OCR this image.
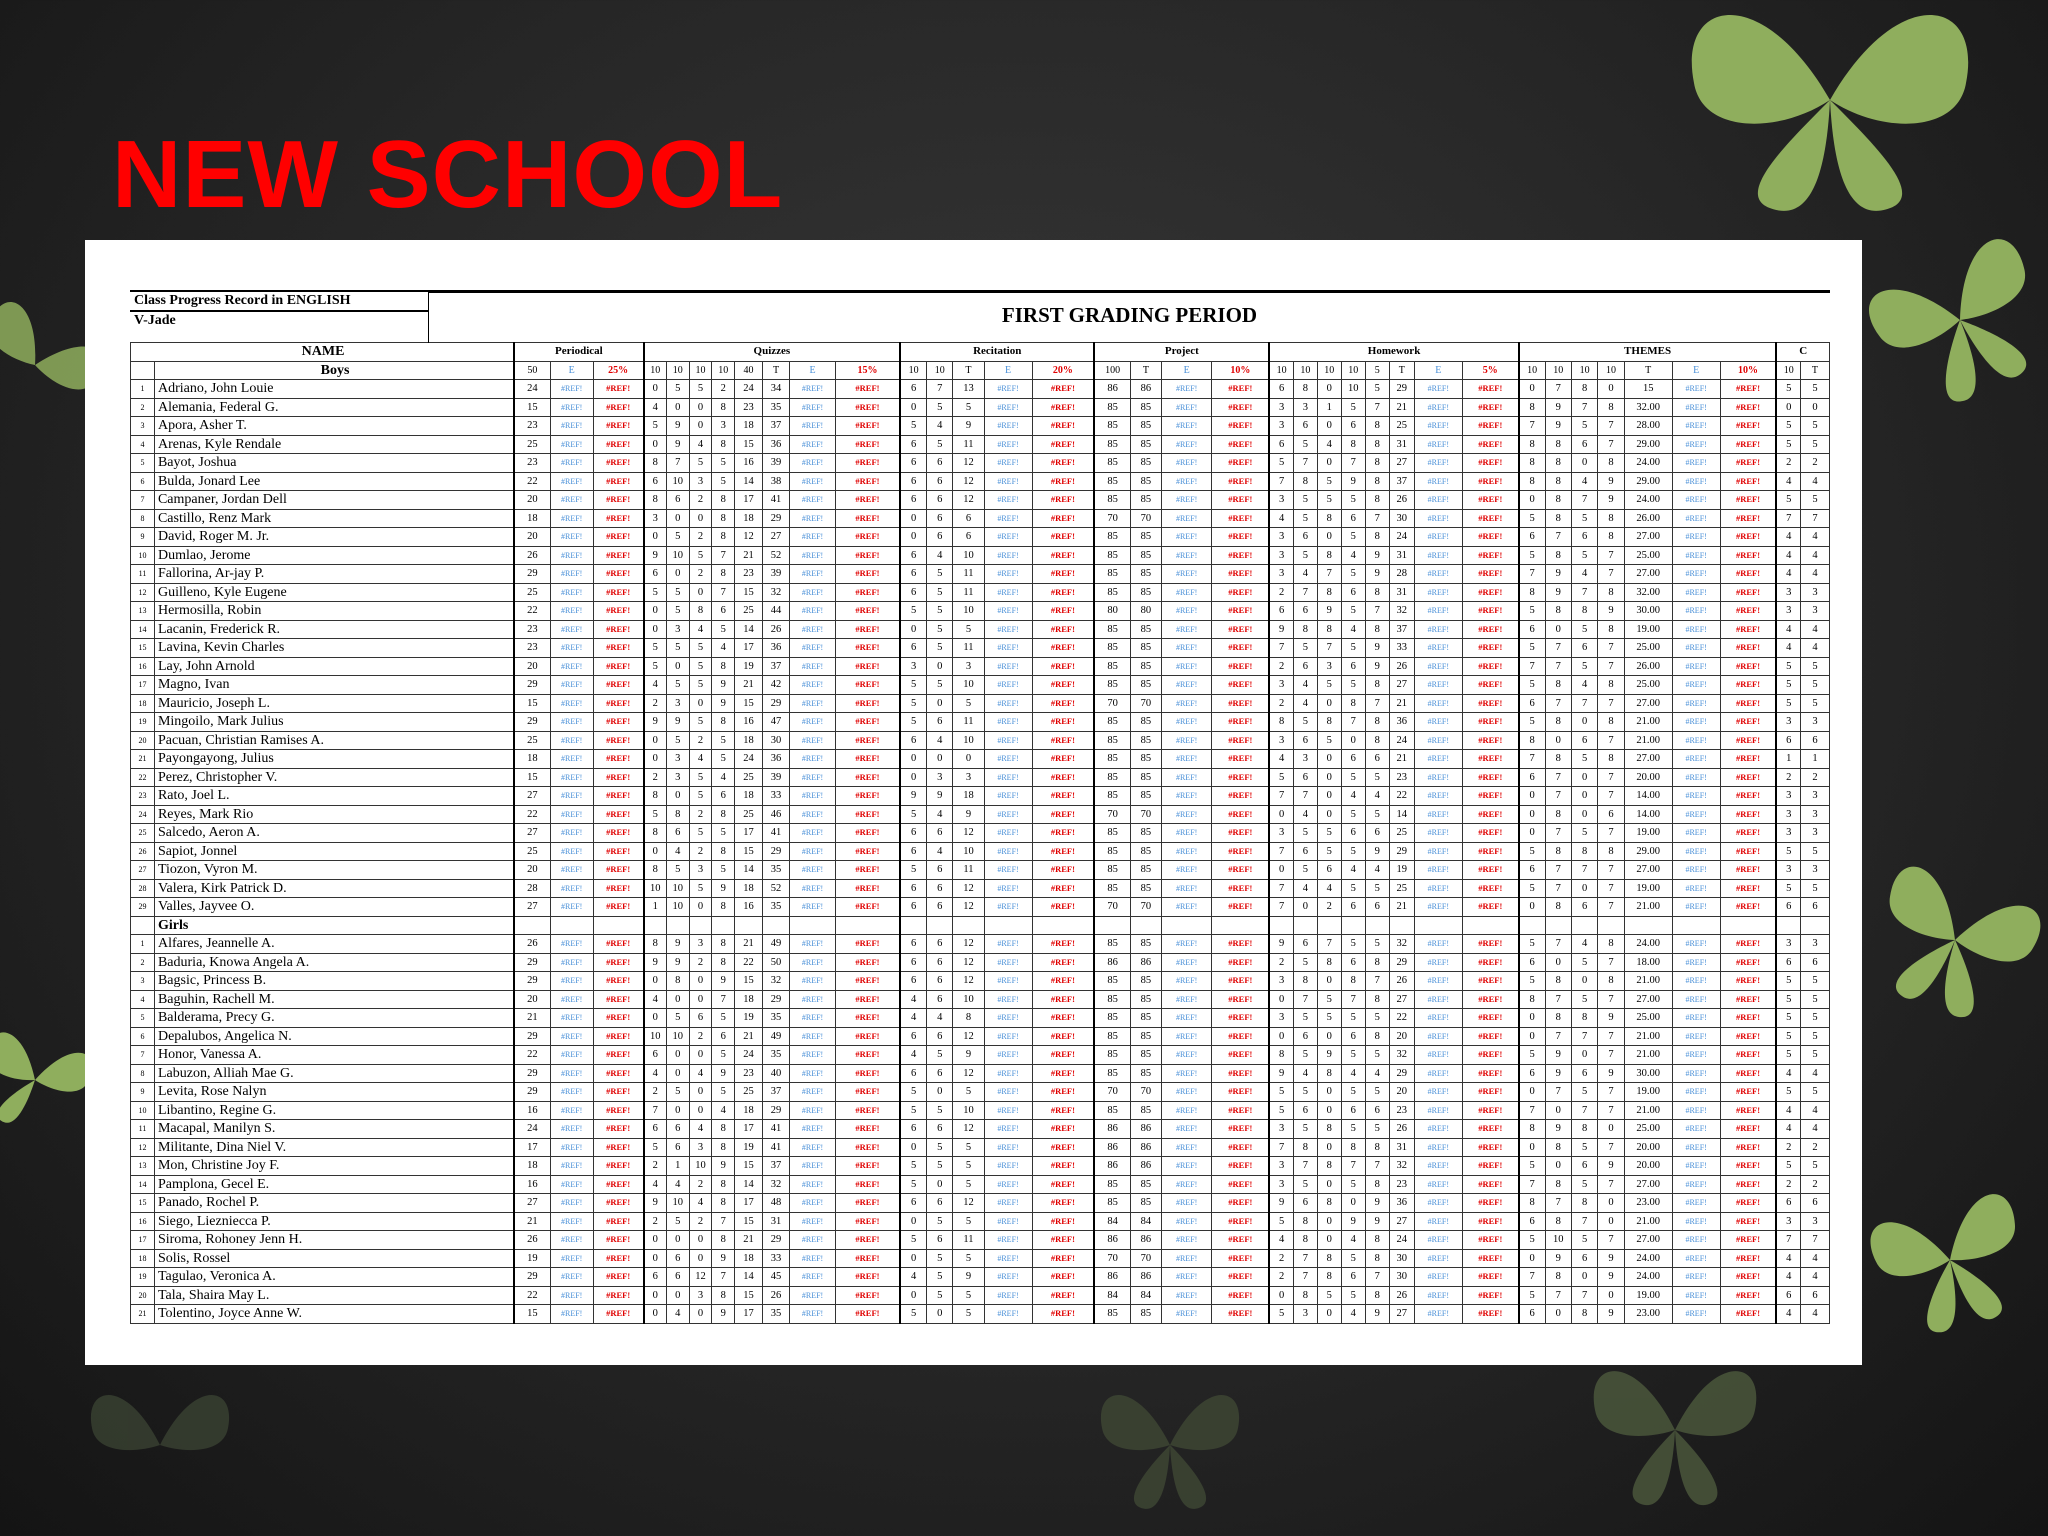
NEW SCHOOL
Class Progress Record in ENGLISH
V-Jade	FIRST GRADING PERIOD
NAME		Periodical			Quizzes								Recitation					Project				Homework								THEMES							C	
	Boys	50	E	25%	10	10	10	10	40	T	E	15%	10	10	T	E	20%	100	T	E	10%	10	10	10	10	5	T	E	5%	10	10	10	10	T	E	10%	10	T
1	Adriano, John Louie	24	#REF!	#REF!	0	5	5	2	24	34	#REF!	#REF!	6	7	13	#REF!	#REF!	86	86	#REF!	#REF!	6	8	0	10	5	29	#REF!	#REF!	0	7	8	0	15	#REF!	#REF!	5	5
2	Alemania, Federal G.	15	#REF!	#REF!	4	0	0	8	23	35	#REF!	#REF!	0	5	5	#REF!	#REF!	85	85	#REF!	#REF!	3	3	1	5	7	21	#REF!	#REF!	8	9	7	8	32.00	#REF!	#REF!	0	0
3	Apora, Asher T.	23	#REF!	#REF!	5	9	0	3	18	37	#REF!	#REF!	5	4	9	#REF!	#REF!	85	85	#REF!	#REF!	3	6	0	6	8	25	#REF!	#REF!	7	9	5	7	28.00	#REF!	#REF!	5	5
4	Arenas, Kyle Rendale	25	#REF!	#REF!	0	9	4	8	15	36	#REF!	#REF!	6	5	11	#REF!	#REF!	85	85	#REF!	#REF!	6	5	4	8	8	31	#REF!	#REF!	8	8	6	7	29.00	#REF!	#REF!	5	5
5	Bayot, Joshua	23	#REF!	#REF!	8	7	5	5	16	39	#REF!	#REF!	6	6	12	#REF!	#REF!	85	85	#REF!	#REF!	5	7	0	7	8	27	#REF!	#REF!	8	8	0	8	24.00	#REF!	#REF!	2	2
6	Bulda, Jonard Lee	22	#REF!	#REF!	6	10	3	5	14	38	#REF!	#REF!	6	6	12	#REF!	#REF!	85	85	#REF!	#REF!	7	8	5	9	8	37	#REF!	#REF!	8	8	4	9	29.00	#REF!	#REF!	4	4
7	Campaner, Jordan Dell	20	#REF!	#REF!	8	6	2	8	17	41	#REF!	#REF!	6	6	12	#REF!	#REF!	85	85	#REF!	#REF!	3	5	5	5	8	26	#REF!	#REF!	0	8	7	9	24.00	#REF!	#REF!	5	5
8	Castillo, Renz Mark	18	#REF!	#REF!	3	0	0	8	18	29	#REF!	#REF!	0	6	6	#REF!	#REF!	70	70	#REF!	#REF!	4	5	8	6	7	30	#REF!	#REF!	5	8	5	8	26.00	#REF!	#REF!	7	7
9	David, Roger M. Jr.	20	#REF!	#REF!	0	5	2	8	12	27	#REF!	#REF!	0	6	6	#REF!	#REF!	85	85	#REF!	#REF!	3	6	0	5	8	24	#REF!	#REF!	6	7	6	8	27.00	#REF!	#REF!	4	4
10	Dumlao, Jerome	26	#REF!	#REF!	9	10	5	7	21	52	#REF!	#REF!	6	4	10	#REF!	#REF!	85	85	#REF!	#REF!	3	5	8	4	9	31	#REF!	#REF!	5	8	5	7	25.00	#REF!	#REF!	4	4
11	Fallorina, Ar-jay P.	29	#REF!	#REF!	6	0	2	8	23	39	#REF!	#REF!	6	5	11	#REF!	#REF!	85	85	#REF!	#REF!	3	4	7	5	9	28	#REF!	#REF!	7	9	4	7	27.00	#REF!	#REF!	4	4
12	Guilleno, Kyle Eugene	25	#REF!	#REF!	5	5	0	7	15	32	#REF!	#REF!	6	5	11	#REF!	#REF!	85	85	#REF!	#REF!	2	7	8	6	8	31	#REF!	#REF!	8	9	7	8	32.00	#REF!	#REF!	3	3
13	Hermosilla, Robin	22	#REF!	#REF!	0	5	8	6	25	44	#REF!	#REF!	5	5	10	#REF!	#REF!	80	80	#REF!	#REF!	6	6	9	5	7	32	#REF!	#REF!	5	8	8	9	30.00	#REF!	#REF!	3	3
14	Lacanin, Frederick R.	23	#REF!	#REF!	0	3	4	5	14	26	#REF!	#REF!	0	5	5	#REF!	#REF!	85	85	#REF!	#REF!	9	8	8	4	8	37	#REF!	#REF!	6	0	5	8	19.00	#REF!	#REF!	4	4
15	Lavina, Kevin Charles	23	#REF!	#REF!	5	5	5	4	17	36	#REF!	#REF!	6	5	11	#REF!	#REF!	85	85	#REF!	#REF!	7	5	7	5	9	33	#REF!	#REF!	5	7	6	7	25.00	#REF!	#REF!	4	4
16	Lay, John Arnold	20	#REF!	#REF!	5	0	5	8	19	37	#REF!	#REF!	3	0	3	#REF!	#REF!	85	85	#REF!	#REF!	2	6	3	6	9	26	#REF!	#REF!	7	7	5	7	26.00	#REF!	#REF!	5	5
17	Magno, Ivan	29	#REF!	#REF!	4	5	5	9	21	42	#REF!	#REF!	5	5	10	#REF!	#REF!	85	85	#REF!	#REF!	3	4	5	5	8	27	#REF!	#REF!	5	8	4	8	25.00	#REF!	#REF!	5	5
18	Mauricio, Joseph L.	15	#REF!	#REF!	2	3	0	9	15	29	#REF!	#REF!	5	0	5	#REF!	#REF!	70	70	#REF!	#REF!	2	4	0	8	7	21	#REF!	#REF!	6	7	7	7	27.00	#REF!	#REF!	5	5
19	Mingoilo, Mark Julius	29	#REF!	#REF!	9	9	5	8	16	47	#REF!	#REF!	5	6	11	#REF!	#REF!	85	85	#REF!	#REF!	8	5	8	7	8	36	#REF!	#REF!	5	8	0	8	21.00	#REF!	#REF!	3	3
20	Pacuan, Christian Ramises A.	25	#REF!	#REF!	0	5	2	5	18	30	#REF!	#REF!	6	4	10	#REF!	#REF!	85	85	#REF!	#REF!	3	6	5	0	8	24	#REF!	#REF!	8	0	6	7	21.00	#REF!	#REF!	6	6
21	Payongayong, Julius	18	#REF!	#REF!	0	3	4	5	24	36	#REF!	#REF!	0	0	0	#REF!	#REF!	85	85	#REF!	#REF!	4	3	0	6	6	21	#REF!	#REF!	7	8	5	8	27.00	#REF!	#REF!	1	1
22	Perez, Christopher V.	15	#REF!	#REF!	2	3	5	4	25	39	#REF!	#REF!	0	3	3	#REF!	#REF!	85	85	#REF!	#REF!	5	6	0	5	5	23	#REF!	#REF!	6	7	0	7	20.00	#REF!	#REF!	2	2
23	Rato, Joel L.	27	#REF!	#REF!	8	0	5	6	18	33	#REF!	#REF!	9	9	18	#REF!	#REF!	85	85	#REF!	#REF!	7	7	0	4	4	22	#REF!	#REF!	0	7	0	7	14.00	#REF!	#REF!	3	3
24	Reyes, Mark Rio	22	#REF!	#REF!	5	8	2	8	25	46	#REF!	#REF!	5	4	9	#REF!	#REF!	70	70	#REF!	#REF!	0	4	0	5	5	14	#REF!	#REF!	0	8	0	6	14.00	#REF!	#REF!	3	3
25	Salcedo, Aeron A.	27	#REF!	#REF!	8	6	5	5	17	41	#REF!	#REF!	6	6	12	#REF!	#REF!	85	85	#REF!	#REF!	3	5	5	6	6	25	#REF!	#REF!	0	7	5	7	19.00	#REF!	#REF!	3	3
26	Sapiot, Jonnel	25	#REF!	#REF!	0	4	2	8	15	29	#REF!	#REF!	6	4	10	#REF!	#REF!	85	85	#REF!	#REF!	7	6	5	5	9	29	#REF!	#REF!	5	8	8	8	29.00	#REF!	#REF!	5	5
27	Tiozon, Vyron M.	20	#REF!	#REF!	8	5	3	5	14	35	#REF!	#REF!	5	6	11	#REF!	#REF!	85	85	#REF!	#REF!	0	5	6	4	4	19	#REF!	#REF!	6	7	7	7	27.00	#REF!	#REF!	3	3
28	Valera, Kirk Patrick D.	28	#REF!	#REF!	10	10	5	9	18	52	#REF!	#REF!	6	6	12	#REF!	#REF!	85	85	#REF!	#REF!	7	4	4	5	5	25	#REF!	#REF!	5	7	0	7	19.00	#REF!	#REF!	5	5
29	Valles, Jayvee O.	27	#REF!	#REF!	1	10	0	8	16	35	#REF!	#REF!	6	6	12	#REF!	#REF!	70	70	#REF!	#REF!	7	0	2	6	6	21	#REF!	#REF!	0	8	6	7	21.00	#REF!	#REF!	6	6
	Girls																																					
1	Alfares, Jeannelle A.	26	#REF!	#REF!	8	9	3	8	21	49	#REF!	#REF!	6	6	12	#REF!	#REF!	85	85	#REF!	#REF!	9	6	7	5	5	32	#REF!	#REF!	5	7	4	8	24.00	#REF!	#REF!	3	3
2	Baduria, Knowa Angela A.	29	#REF!	#REF!	9	9	2	8	22	50	#REF!	#REF!	6	6	12	#REF!	#REF!	86	86	#REF!	#REF!	2	5	8	6	8	29	#REF!	#REF!	6	0	5	7	18.00	#REF!	#REF!	6	6
3	Bagsic, Princess B.	29	#REF!	#REF!	0	8	0	9	15	32	#REF!	#REF!	6	6	12	#REF!	#REF!	85	85	#REF!	#REF!	3	8	0	8	7	26	#REF!	#REF!	5	8	0	8	21.00	#REF!	#REF!	5	5
4	Baguhin, Rachell M.	20	#REF!	#REF!	4	0	0	7	18	29	#REF!	#REF!	4	6	10	#REF!	#REF!	85	85	#REF!	#REF!	0	7	5	7	8	27	#REF!	#REF!	8	7	5	7	27.00	#REF!	#REF!	5	5
5	Balderama, Precy G.	21	#REF!	#REF!	0	5	6	5	19	35	#REF!	#REF!	4	4	8	#REF!	#REF!	85	85	#REF!	#REF!	3	5	5	5	5	22	#REF!	#REF!	0	8	8	9	25.00	#REF!	#REF!	5	5
6	Depalubos, Angelica N.	29	#REF!	#REF!	10	10	2	6	21	49	#REF!	#REF!	6	6	12	#REF!	#REF!	85	85	#REF!	#REF!	0	6	0	6	8	20	#REF!	#REF!	0	7	7	7	21.00	#REF!	#REF!	5	5
7	Honor, Vanessa A.	22	#REF!	#REF!	6	0	0	5	24	35	#REF!	#REF!	4	5	9	#REF!	#REF!	85	85	#REF!	#REF!	8	5	9	5	5	32	#REF!	#REF!	5	9	0	7	21.00	#REF!	#REF!	5	5
8	Labuzon, Alliah Mae G.	29	#REF!	#REF!	4	0	4	9	23	40	#REF!	#REF!	6	6	12	#REF!	#REF!	85	85	#REF!	#REF!	9	4	8	4	4	29	#REF!	#REF!	6	9	6	9	30.00	#REF!	#REF!	4	4
9	Levita, Rose Nalyn	29	#REF!	#REF!	2	5	0	5	25	37	#REF!	#REF!	5	0	5	#REF!	#REF!	70	70	#REF!	#REF!	5	5	0	5	5	20	#REF!	#REF!	0	7	5	7	19.00	#REF!	#REF!	5	5
10	Libantino, Regine G.	16	#REF!	#REF!	7	0	0	4	18	29	#REF!	#REF!	5	5	10	#REF!	#REF!	85	85	#REF!	#REF!	5	6	0	6	6	23	#REF!	#REF!	7	0	7	7	21.00	#REF!	#REF!	4	4
11	Macapal, Manilyn S.	24	#REF!	#REF!	6	6	4	8	17	41	#REF!	#REF!	6	6	12	#REF!	#REF!	86	86	#REF!	#REF!	3	5	8	5	5	26	#REF!	#REF!	8	9	8	0	25.00	#REF!	#REF!	4	4
12	Militante, Dina Niel V.	17	#REF!	#REF!	5	6	3	8	19	41	#REF!	#REF!	0	5	5	#REF!	#REF!	86	86	#REF!	#REF!	7	8	0	8	8	31	#REF!	#REF!	0	8	5	7	20.00	#REF!	#REF!	2	2
13	Mon, Christine Joy F.	18	#REF!	#REF!	2	1	10	9	15	37	#REF!	#REF!	5	5	5	#REF!	#REF!	86	86	#REF!	#REF!	3	7	8	7	7	32	#REF!	#REF!	5	0	6	9	20.00	#REF!	#REF!	5	5
14	Pamplona, Gecel E.	16	#REF!	#REF!	4	4	2	8	14	32	#REF!	#REF!	5	0	5	#REF!	#REF!	85	85	#REF!	#REF!	3	5	0	5	8	23	#REF!	#REF!	7	8	5	7	27.00	#REF!	#REF!	2	2
15	Panado, Rochel P.	27	#REF!	#REF!	9	10	4	8	17	48	#REF!	#REF!	6	6	12	#REF!	#REF!	85	85	#REF!	#REF!	9	6	8	0	9	36	#REF!	#REF!	8	7	8	0	23.00	#REF!	#REF!	6	6
16	Siego, Liezniecca P.	21	#REF!	#REF!	2	5	2	7	15	31	#REF!	#REF!	0	5	5	#REF!	#REF!	84	84	#REF!	#REF!	5	8	0	9	9	27	#REF!	#REF!	6	8	7	0	21.00	#REF!	#REF!	3	3
17	Siroma, Rohoney Jenn H.	26	#REF!	#REF!	0	0	0	8	21	29	#REF!	#REF!	5	6	11	#REF!	#REF!	86	86	#REF!	#REF!	4	8	0	4	8	24	#REF!	#REF!	5	10	5	7	27.00	#REF!	#REF!	7	7
18	Solis, Rossel	19	#REF!	#REF!	0	6	0	9	18	33	#REF!	#REF!	0	5	5	#REF!	#REF!	70	70	#REF!	#REF!	2	7	8	5	8	30	#REF!	#REF!	0	9	6	9	24.00	#REF!	#REF!	4	4
19	Tagulao, Veronica A.	29	#REF!	#REF!	6	6	12	7	14	45	#REF!	#REF!	4	5	9	#REF!	#REF!	86	86	#REF!	#REF!	2	7	8	6	7	30	#REF!	#REF!	7	8	0	9	24.00	#REF!	#REF!	4	4
20	Tala, Shaira May L.	22	#REF!	#REF!	0	0	3	8	15	26	#REF!	#REF!	0	5	5	#REF!	#REF!	84	84	#REF!	#REF!	0	8	5	5	8	26	#REF!	#REF!	5	7	7	0	19.00	#REF!	#REF!	6	6
21	Tolentino, Joyce Anne W.	15	#REF!	#REF!	0	4	0	9	17	35	#REF!	#REF!	5	0	5	#REF!	#REF!	85	85	#REF!	#REF!	5	3	0	4	9	27	#REF!	#REF!	6	0	8	9	23.00	#REF!	#REF!	4	4
